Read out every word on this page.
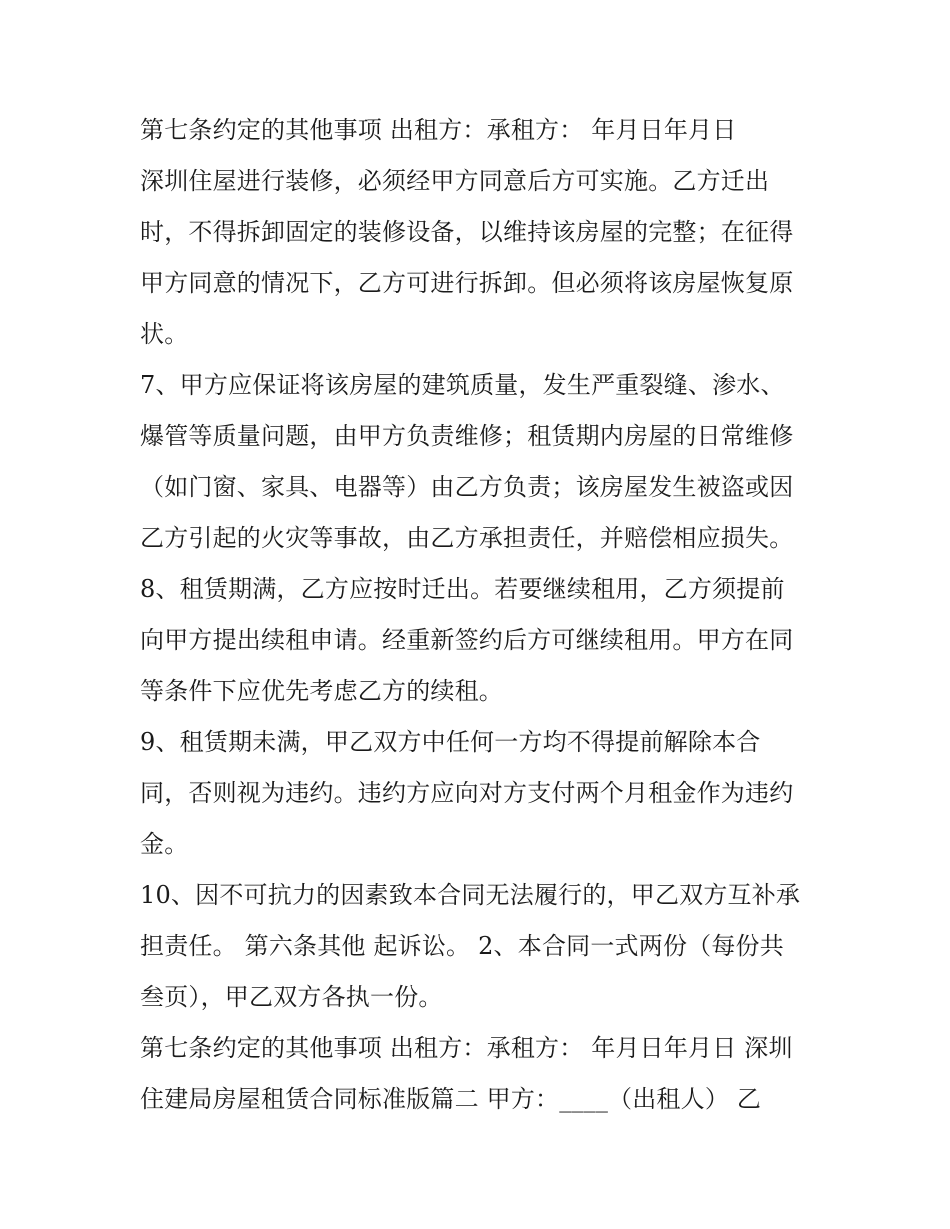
第七条约定的其他事项 出租方：承租方： 年月日年月日
深圳住屋进行装修，必须经甲方同意后方可实施。乙方迁出
时，不得拆卸固定的装修设备，以维持该房屋的完整；在征得
甲方同意的情况下，乙方可进行拆卸。但必须将该房屋恢复原
状。
7、甲方应保证将该房屋的建筑质量，发生严重裂缝、渗水、
爆管等质量问题，由甲方负责维修；租赁期内房屋的日常维修
（如门窗、家具、电器等）由乙方负责；该房屋发生被盗或因
乙方引起的火灾等事故，由乙方承担责任，并赔偿相应损失。
8、租赁期满，乙方应按时迁出。若要继续租用，乙方须提前
向甲方提出续租申请。经重新签约后方可继续租用。甲方在同
等条件下应优先考虑乙方的续租。
9、租赁期未满，甲乙双方中任何一方均不得提前解除本合
同，否则视为违约。违约方应向对方支付两个月租金作为违约
金。
10、因不可抗力的因素致本合同无法履行的，甲乙双方互补承
担责任。 第六条其他 起诉讼。 2、本合同一式两份（每份共
叁页），甲乙双方各执一份。
第七条约定的其他事项 出租方：承租方： 年月日年月日 深圳
住建局房屋租赁合同标准版篇二 甲方：____（出租人） 乙
